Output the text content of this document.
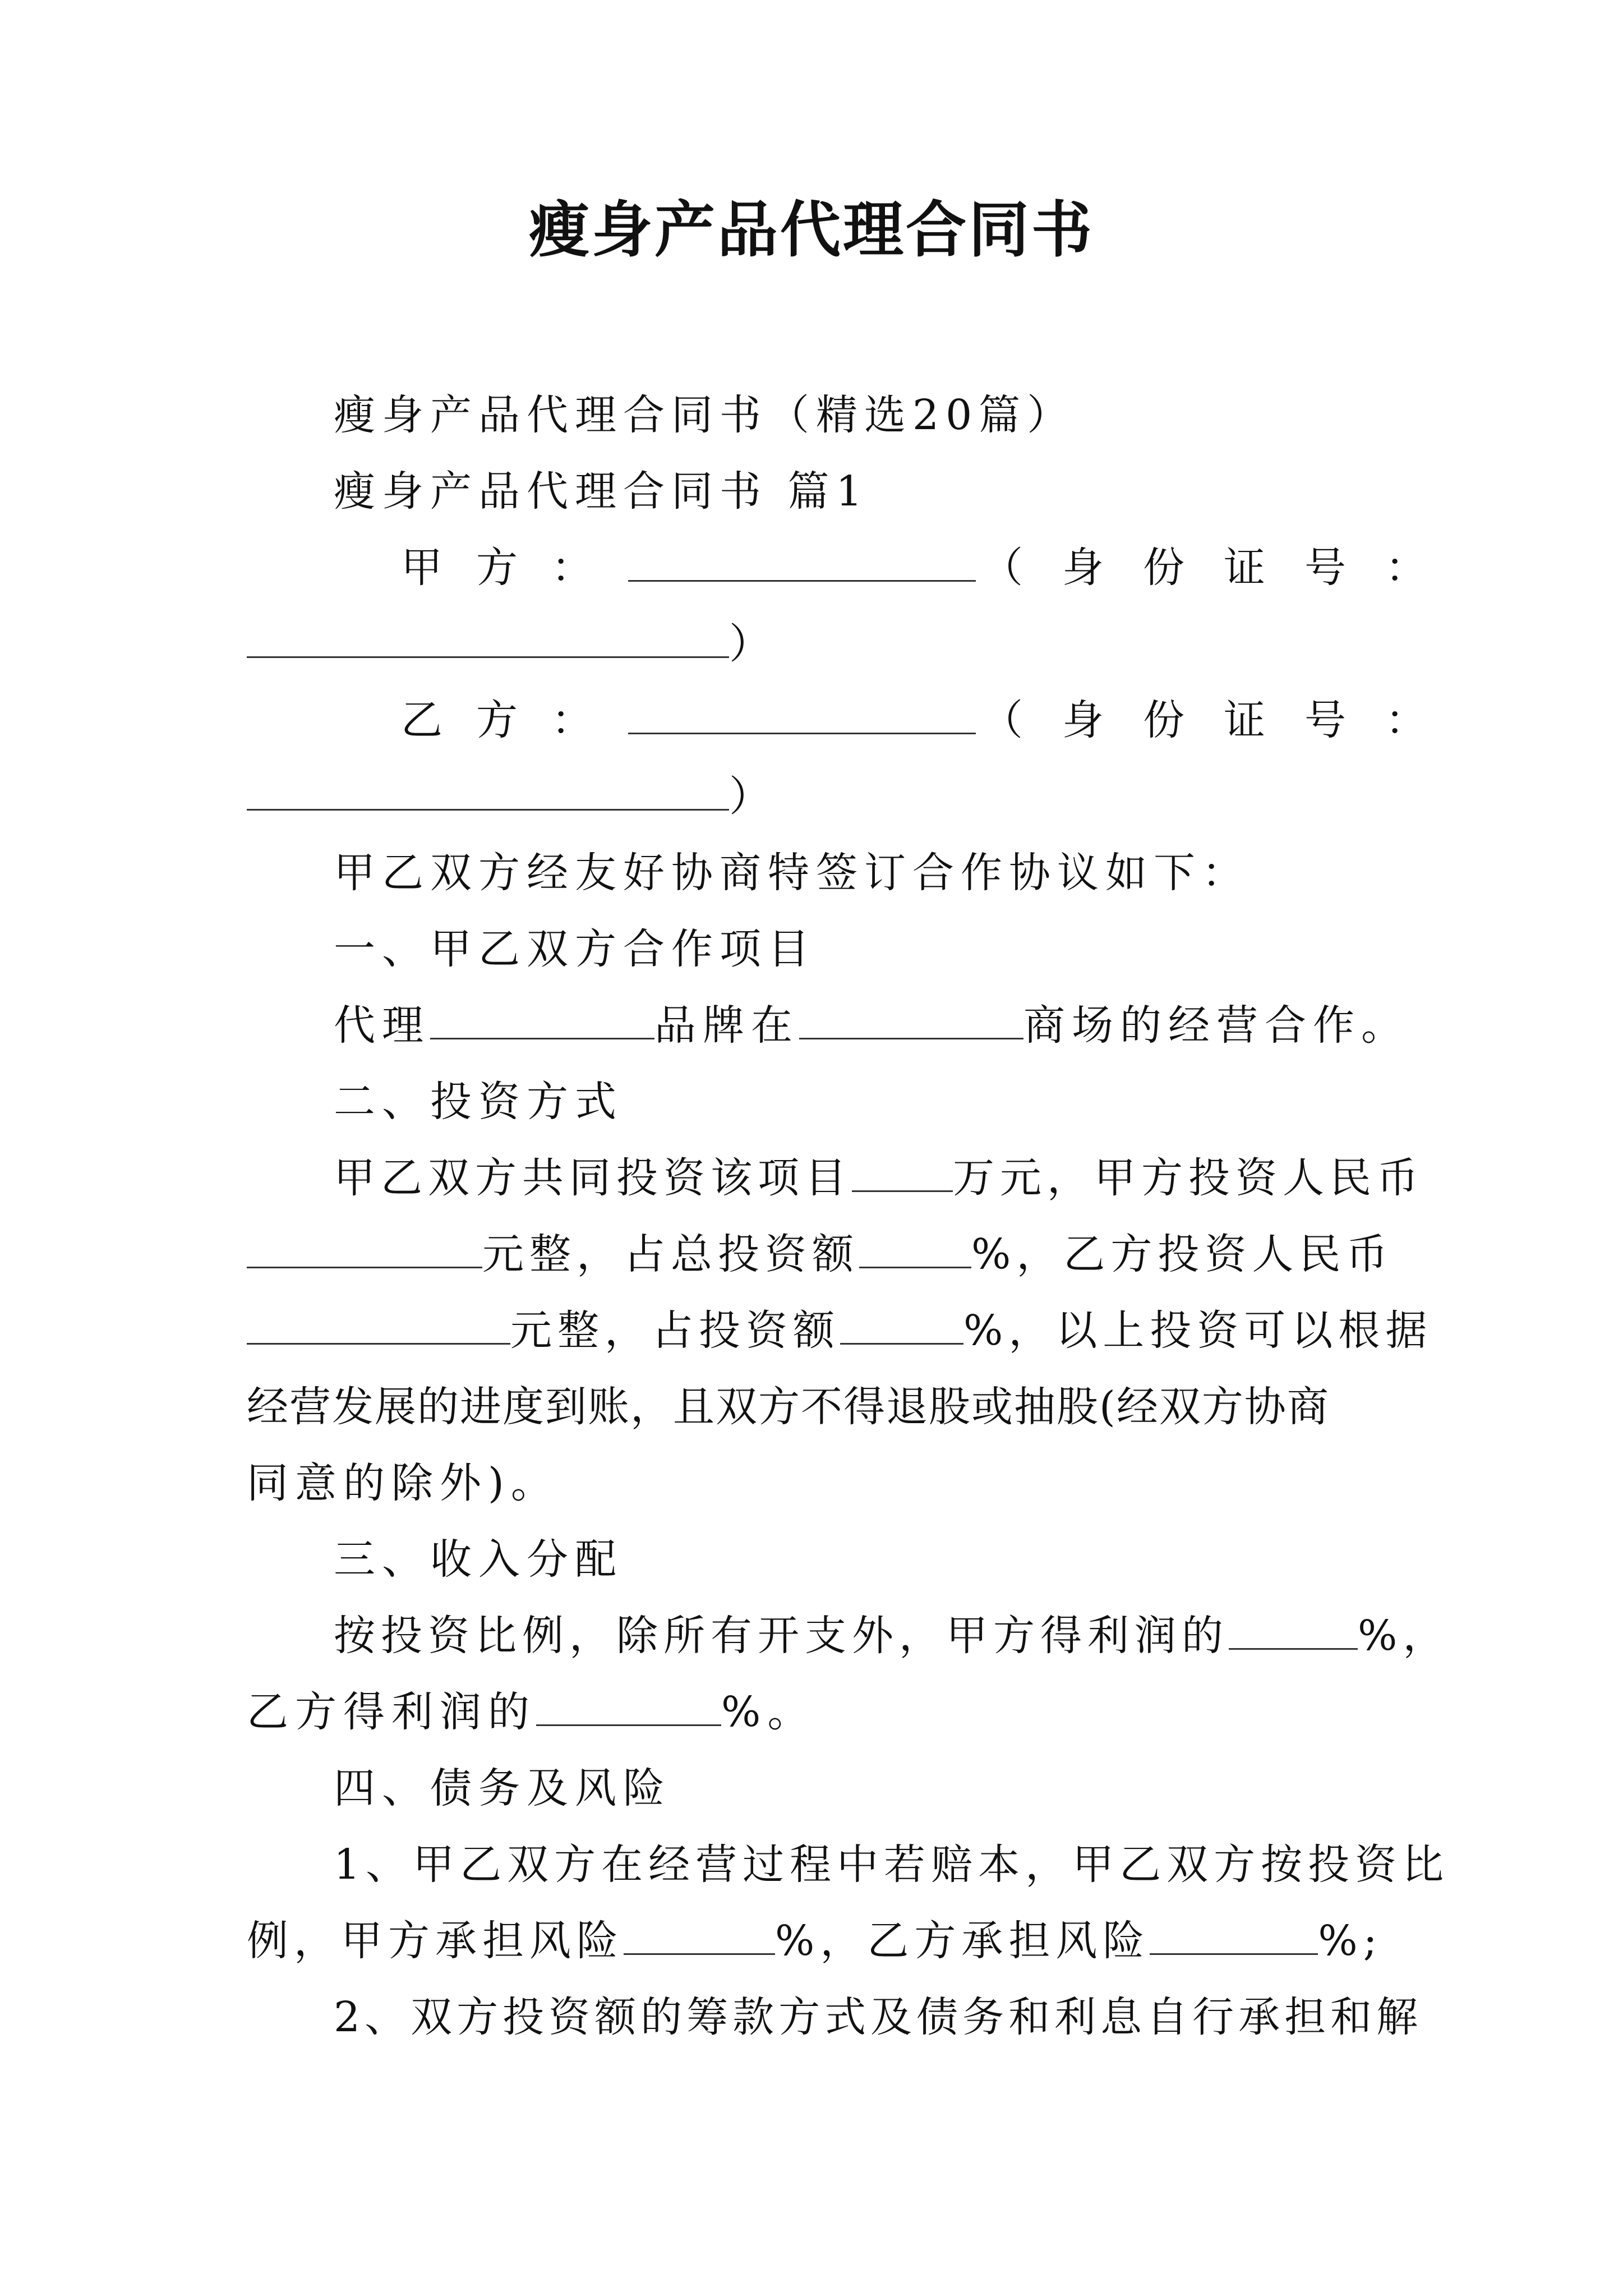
瘦身产品代理合同书
瘦身产品代理合同书（精选20篇）
瘦身产品代理合同书 篇1
甲方：	（身份证号：
）
乙方：	（身份证号：
）
甲乙双方经友好协商特签订合作协议如下：
一、甲乙双方合作项目
代理	品牌在	商场的经营合作。
二、投资方式
甲乙双方共同投资该项目 万元，甲方投资人民币
元整，占总投资额	%，乙方投资人民币
元整，占投资额	%，以上投资可以根据
经营发展的进度到账，且双方不得退股或抽股(经双方协商
同意的除外)。
三、收入分配
按投资比例，除所有开支外，甲方得利润的	%，
乙方得利润的	%。
四、债务及风险
1、甲乙双方在经营过程中若赔本，甲乙双方按投资比
例，甲方承担风险	%，乙方承担风险	%;
2、双方投资额的筹款方式及债务和利息自行承担和解
